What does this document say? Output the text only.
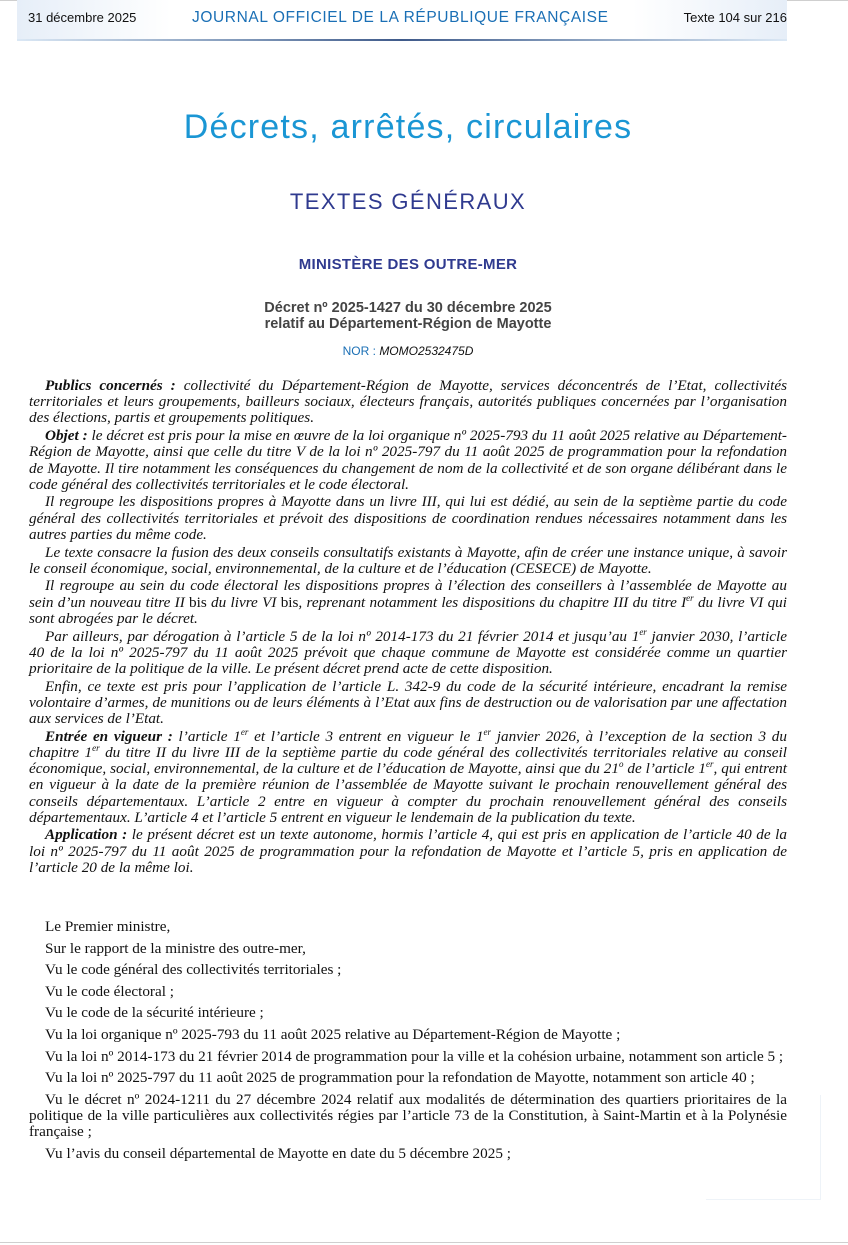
31 décembre 2025	JOURNAL OFFICIEL DE LA RÉPUBLIQUE FRANÇAISE	Texte 104 sur 216
Décrets, arrêtés, circulaires
TEXTES GÉNÉRAUX
MINISTÈRE DES OUTRE-MER
Décret nº 2025-1427 du 30 décembre 2025
relatif au Département-Région de Mayotte
NOR : MOMO2532475D

Publics concernés : collectivité du Département-Région de Mayotte, services déconcentrés de l’Etat, collectivités territoriales et leurs groupements, bailleurs sociaux, électeurs français, autorités publiques concernées par l’organisation des élections, partis et groupements politiques.

Objet : le décret est pris pour la mise en œuvre de la loi organique nº 2025-793 du 11 août 2025 relative au Département-Région de Mayotte, ainsi que celle du titre V de la loi nº 2025-797 du 11 août 2025 de programmation pour la refondation de Mayotte. Il tire notamment les conséquences du changement de nom de la collectivité et de son organe délibérant dans le code général des collectivités territoriales et le code électoral.

Il regroupe les dispositions propres à Mayotte dans un livre III, qui lui est dédié, au sein de la septième partie du code général des collectivités territoriales et prévoit des dispositions de coordination rendues nécessaires notamment dans les autres parties du même code.

Le texte consacre la fusion des deux conseils consultatifs existants à Mayotte, afin de créer une instance unique, à savoir le conseil économique, social, environnemental, de la culture et de l’éducation (CESECE) de Mayotte.

Il regroupe au sein du code électoral les dispositions propres à l’élection des conseillers à l’assemblée de Mayotte au sein d’un nouveau titre II bis du livre VI bis, reprenant notamment les dispositions du chapitre III du titre Ier du livre VI qui sont abrogées par le décret.

Par ailleurs, par dérogation à l’article 5 de la loi nº 2014-173 du 21 février 2014 et jusqu’au 1er janvier 2030, l’article 40 de la loi nº 2025-797 du 11 août 2025 prévoit que chaque commune de Mayotte est considérée comme un quartier prioritaire de la politique de la ville. Le présent décret prend acte de cette disposition.

Enfin, ce texte est pris pour l’application de l’article L. 342-9 du code de la sécurité intérieure, encadrant la remise volontaire d’armes, de munitions ou de leurs éléments à l’Etat aux fins de destruction ou de valorisation par une affectation aux services de l’Etat.

Entrée en vigueur : l’article 1er et l’article 3 entrent en vigueur le 1er janvier 2026, à l’exception de la section 3 du chapitre 1er du titre II du livre III de la septième partie du code général des collectivités territoriales relative au conseil économique, social, environnemental, de la culture et de l’éducation de Mayotte, ainsi que du 21$^o$ de l’article 1er, qui entrent en vigueur à la date de la première réunion de l’assemblée de Mayotte suivant le prochain renouvellement général des conseils départementaux. L’article 2 entre en vigueur à compter du prochain renouvellement général des conseils départementaux. L’article 4 et l’article 5 entrent en vigueur le lendemain de la publication du texte.

Application : le présent décret est un texte autonome, hormis l’article 4, qui est pris en application de l’article 40 de la loi nº 2025-797 du 11 août 2025 de programmation pour la refondation de Mayotte et l’article 5, pris en application de l’article 20 de la même loi.

Le Premier ministre,

Sur le rapport de la ministre des outre-mer,

Vu le code général des collectivités territoriales ;

Vu le code électoral ;

Vu le code de la sécurité intérieure ;

Vu la loi organique nº 2025-793 du 11 août 2025 relative au Département-Région de Mayotte ;

Vu la loi nº 2014-173 du 21 février 2014 de programmation pour la ville et la cohésion urbaine, notamment son article 5 ;

Vu la loi nº 2025-797 du 11 août 2025 de programmation pour la refondation de Mayotte, notamment son article 40 ;

Vu le décret nº 2024-1211 du 27 décembre 2024 relatif aux modalités de détermination des quartiers prioritaires de la politique de la ville particulières aux collectivités régies par l’article 73 de la Constitution, à Saint-Martin et à la Polynésie française ;

Vu l’avis du conseil départemental de Mayotte en date du 5 décembre 2025 ;
